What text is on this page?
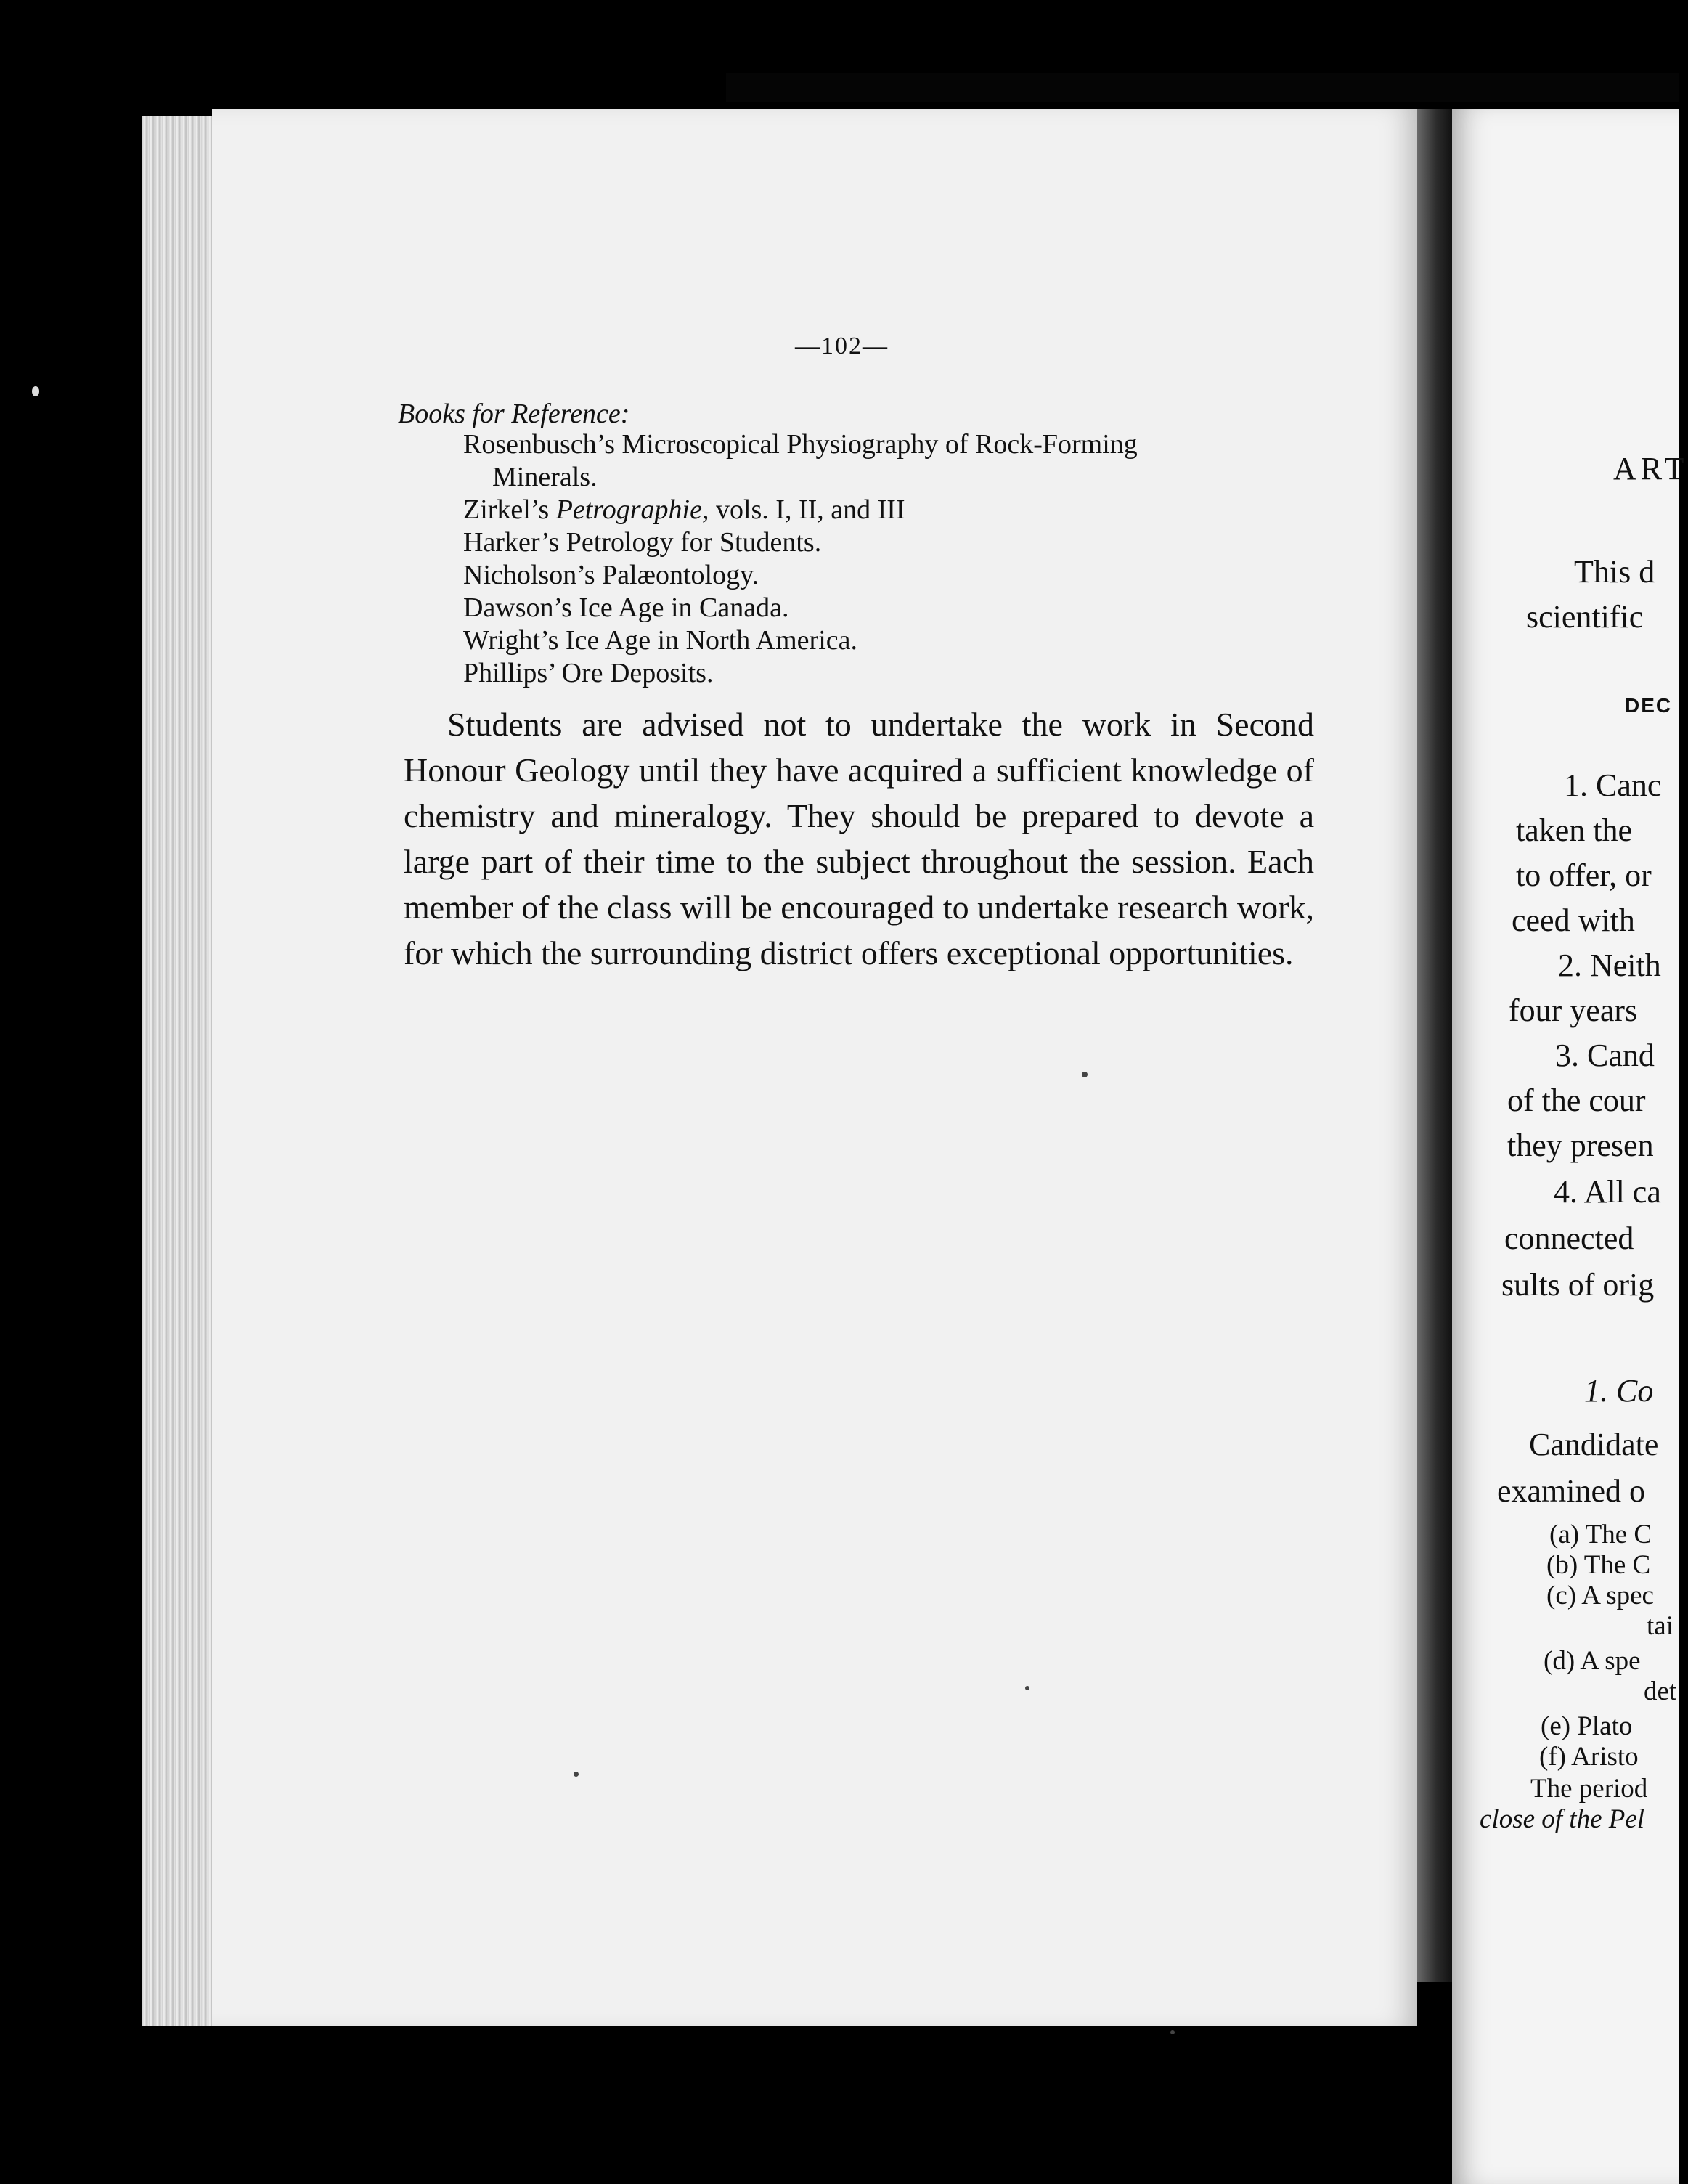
—102—
Books for Reference:
Rosenbusch’s Microscopical Physiography of Rock-Forming
Minerals.
Zirkel’s Petrographie, vols. I, II, and III
Harker’s Petrology for Students.
Nicholson’s Palæontology.
Dawson’s Ice Age in Canada.
Wright’s Ice Age in North America.
Phillips’ Ore Deposits.
Students are advised not to undertake the work in Second Honour Geology until they have acquired a sufficient knowledge of chemistry and mineralogy. They should be prepared to devote a large part of their time to the subject throughout the session. Each member of the class will be encouraged to undertake research work, for which the surrounding district offers exceptional opportunities.
ART
This d
scientific
DEC
1. Canc
taken the
to offer, or
ceed with
2. Neith
four years
3. Cand
of the cour
they presen
4. All ca
connected
sults of orig
1. Co
Candidate
examined o
(a) The C
(b) The C
(c) A spec
tai
(d) A spe
det
(e) Plato
(f) Aristo
The period
close of the Pel
